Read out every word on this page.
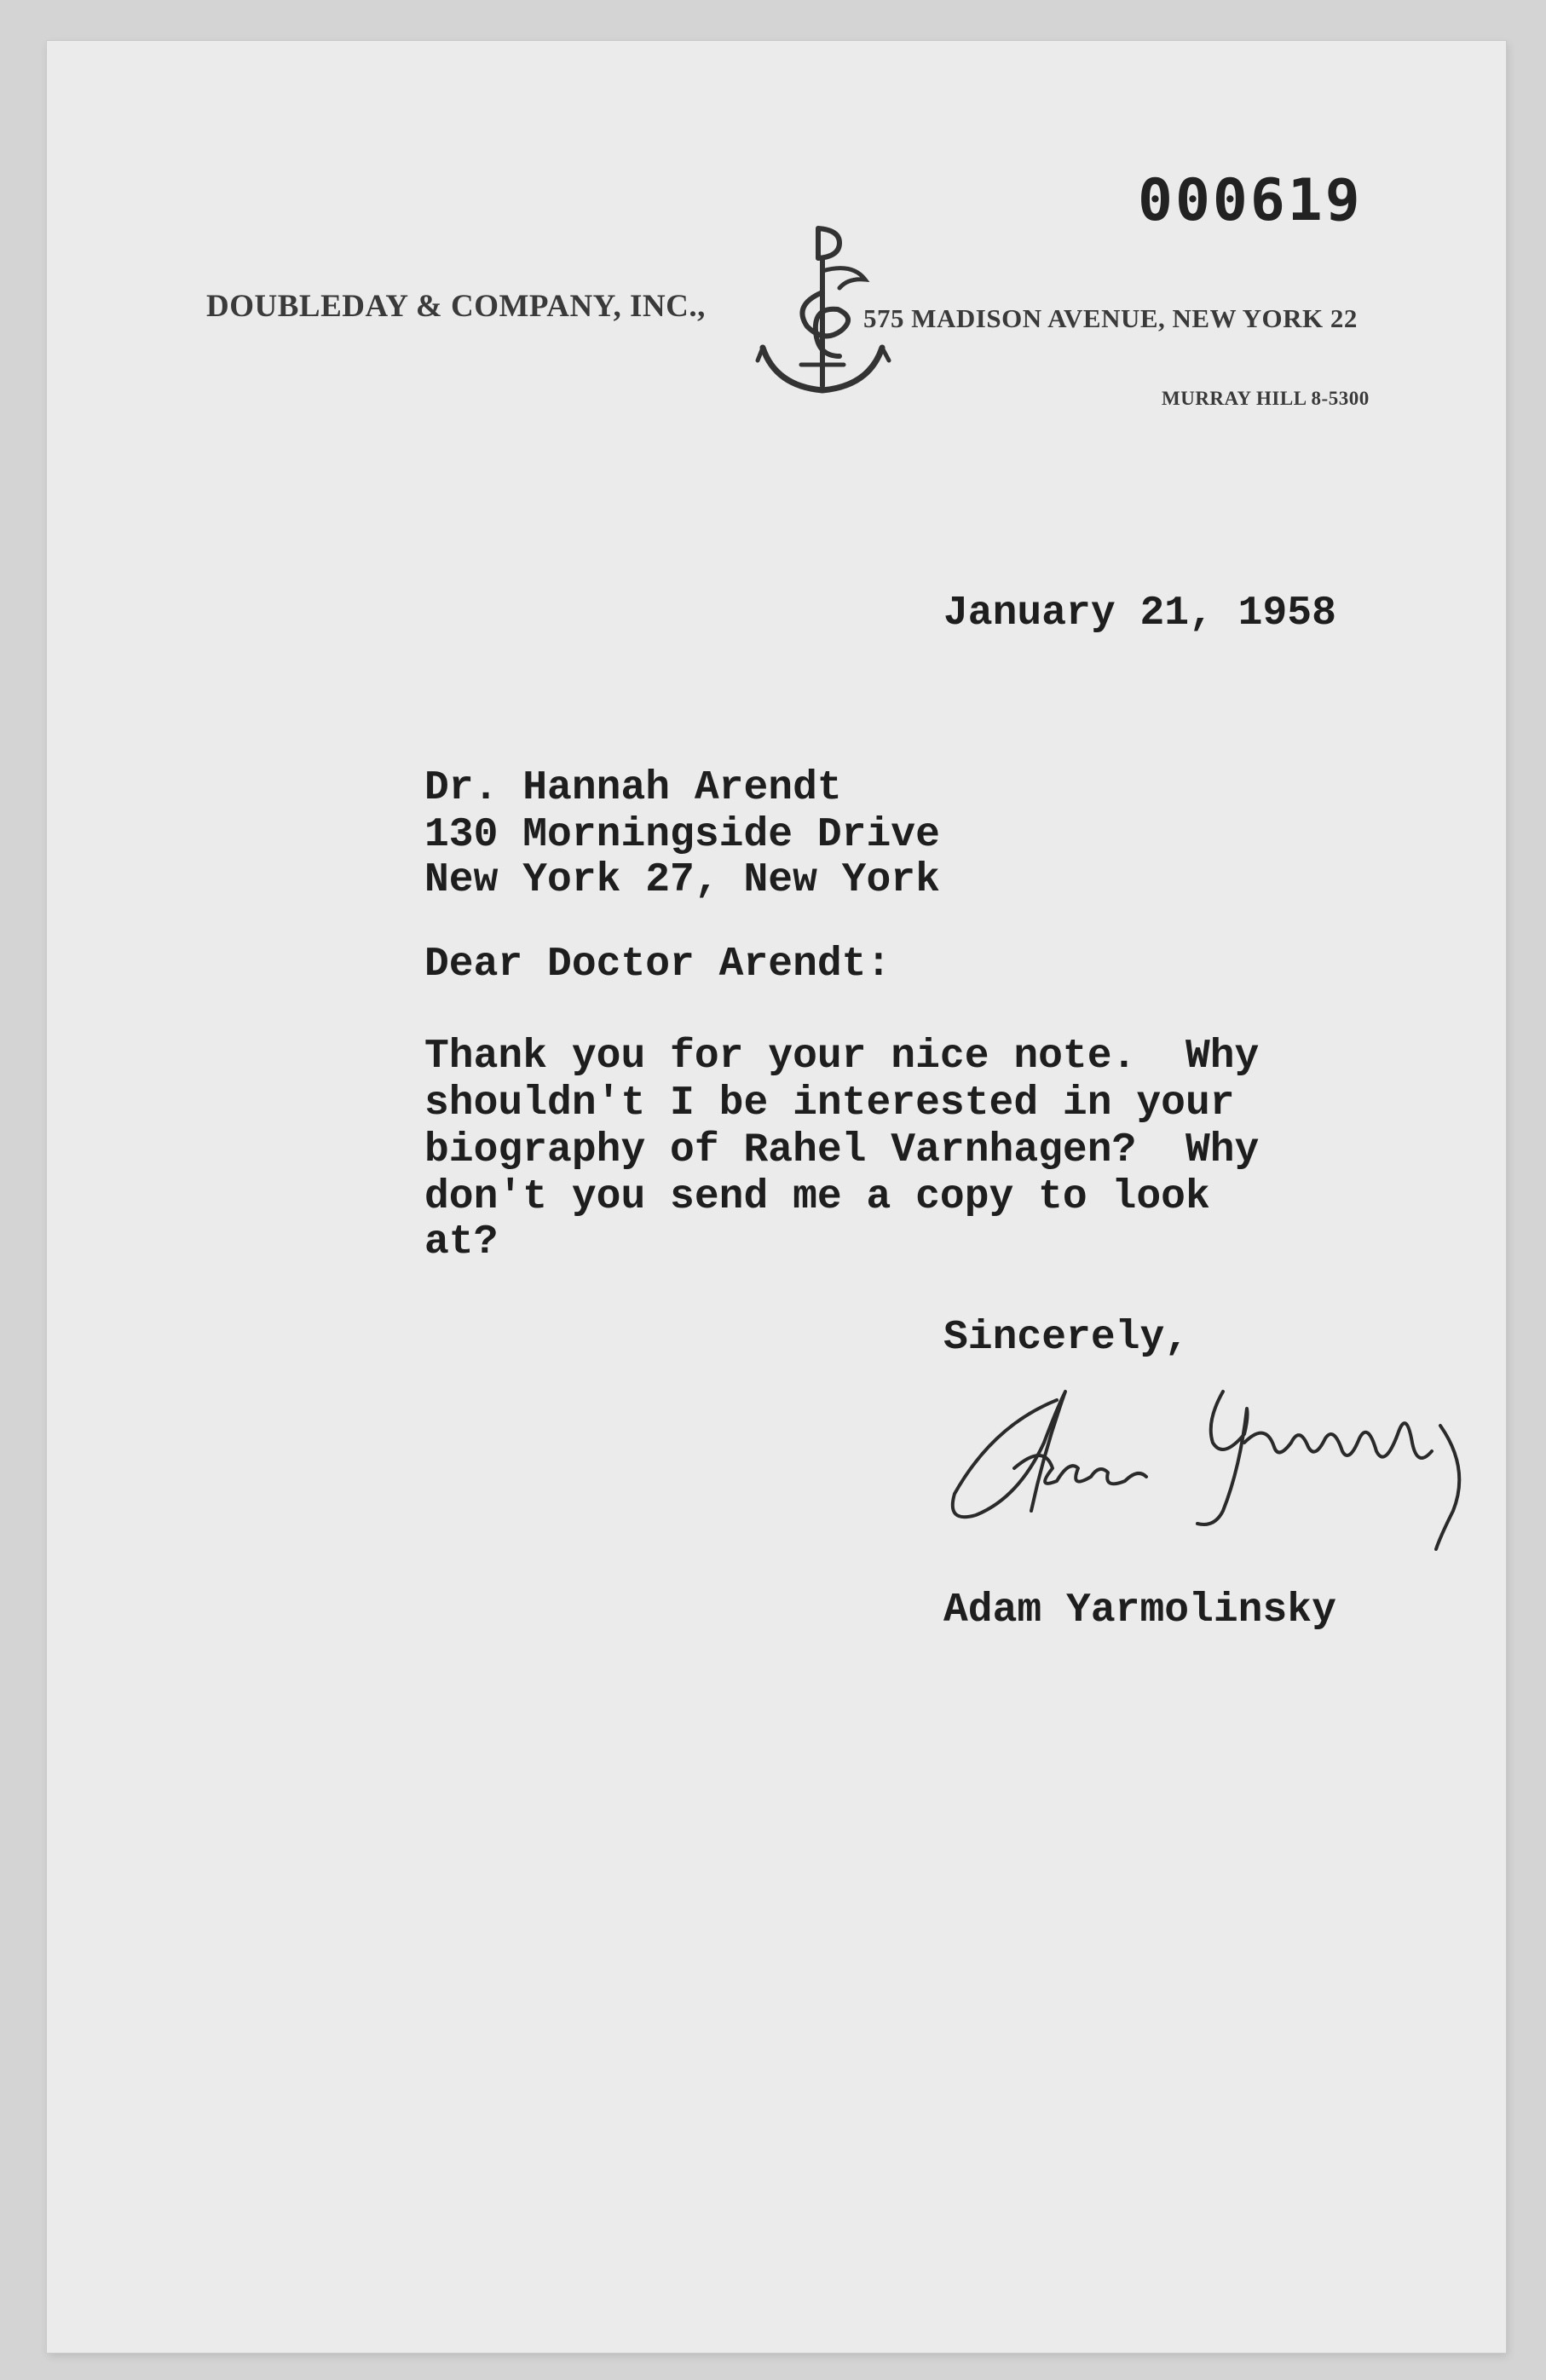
000619
DOUBLEDAY & COMPANY, INC.,	575 MADISON AVENUE, NEW YORK 22
MURRAY HILL 8-5300
January 21, 1958
Dr. Hannah Arendt
130 Morningside Drive
New York 27, New York
Dear Doctor Arendt:
Thank you for your nice note.  Why
shouldn't I be interested in your
biography of Rahel Varnhagen?  Why
don't you send me a copy to look
at?
Sincerely,
Adam Yarmolinsky
